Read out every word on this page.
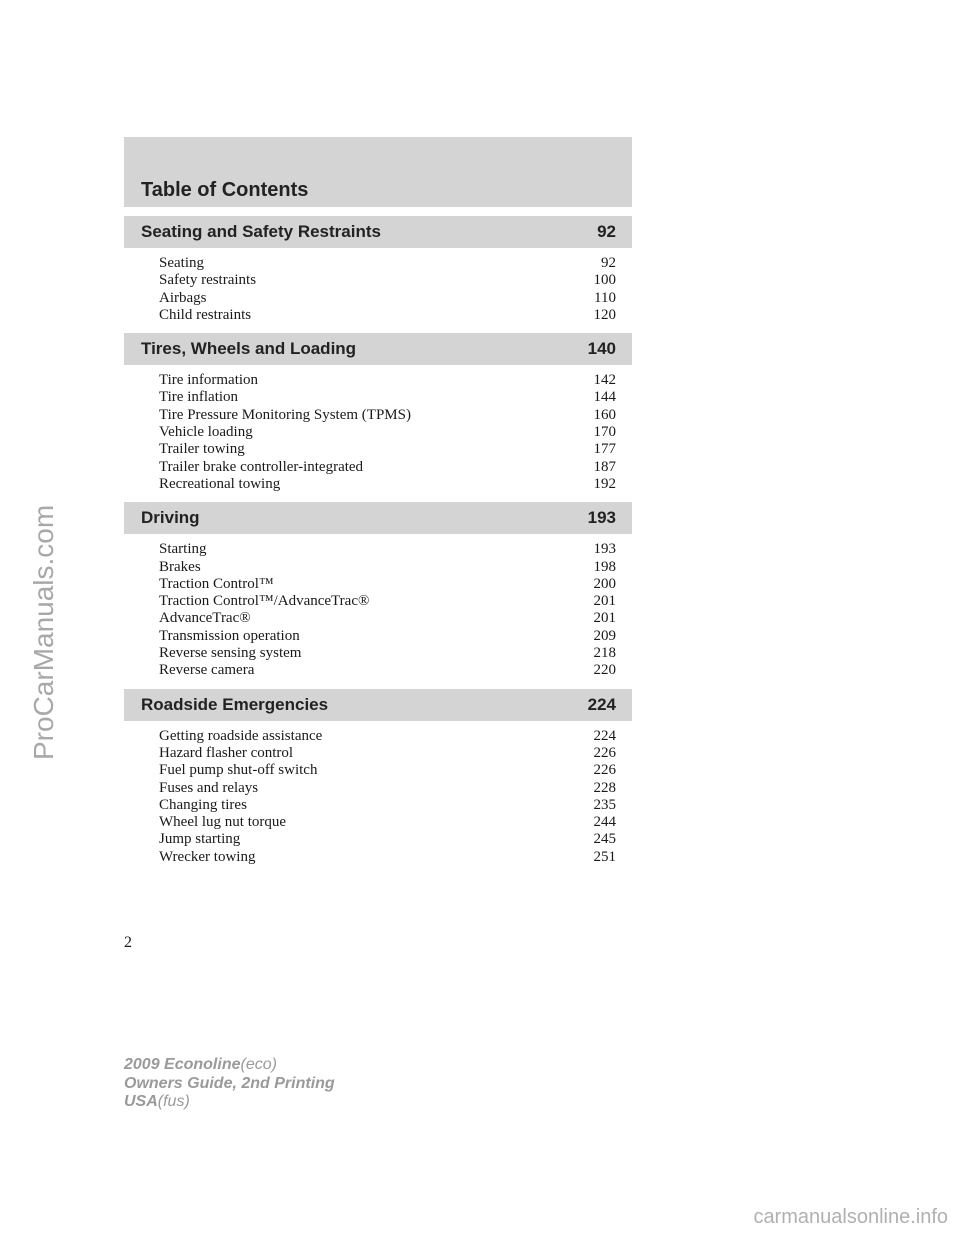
ProCarManuals.com
Table of Contents
Seating and Safety Restraints	92
Seating	92
Safety restraints	100
Airbags	110
Child restraints	120
Tires, Wheels and Loading	140
Tire information	142
Tire inflation	144
Tire Pressure Monitoring System (TPMS)	160
Vehicle loading	170
Trailer towing	177
Trailer brake controller-integrated	187
Recreational towing	192
Driving	193
Starting	193
Brakes	198
Traction Control™	200
Traction Control™/AdvanceTrac®	201
AdvanceTrac®	201
Transmission operation	209
Reverse sensing system	218
Reverse camera	220
Roadside Emergencies	224
Getting roadside assistance	224
Hazard flasher control	226
Fuel pump shut-off switch	226
Fuses and relays	228
Changing tires	235
Wheel lug nut torque	244
Jump starting	245
Wrecker towing	251
2
2009 Econoline(eco)
Owners Guide, 2nd Printing
USA(fus)
carmanualsonline.info
